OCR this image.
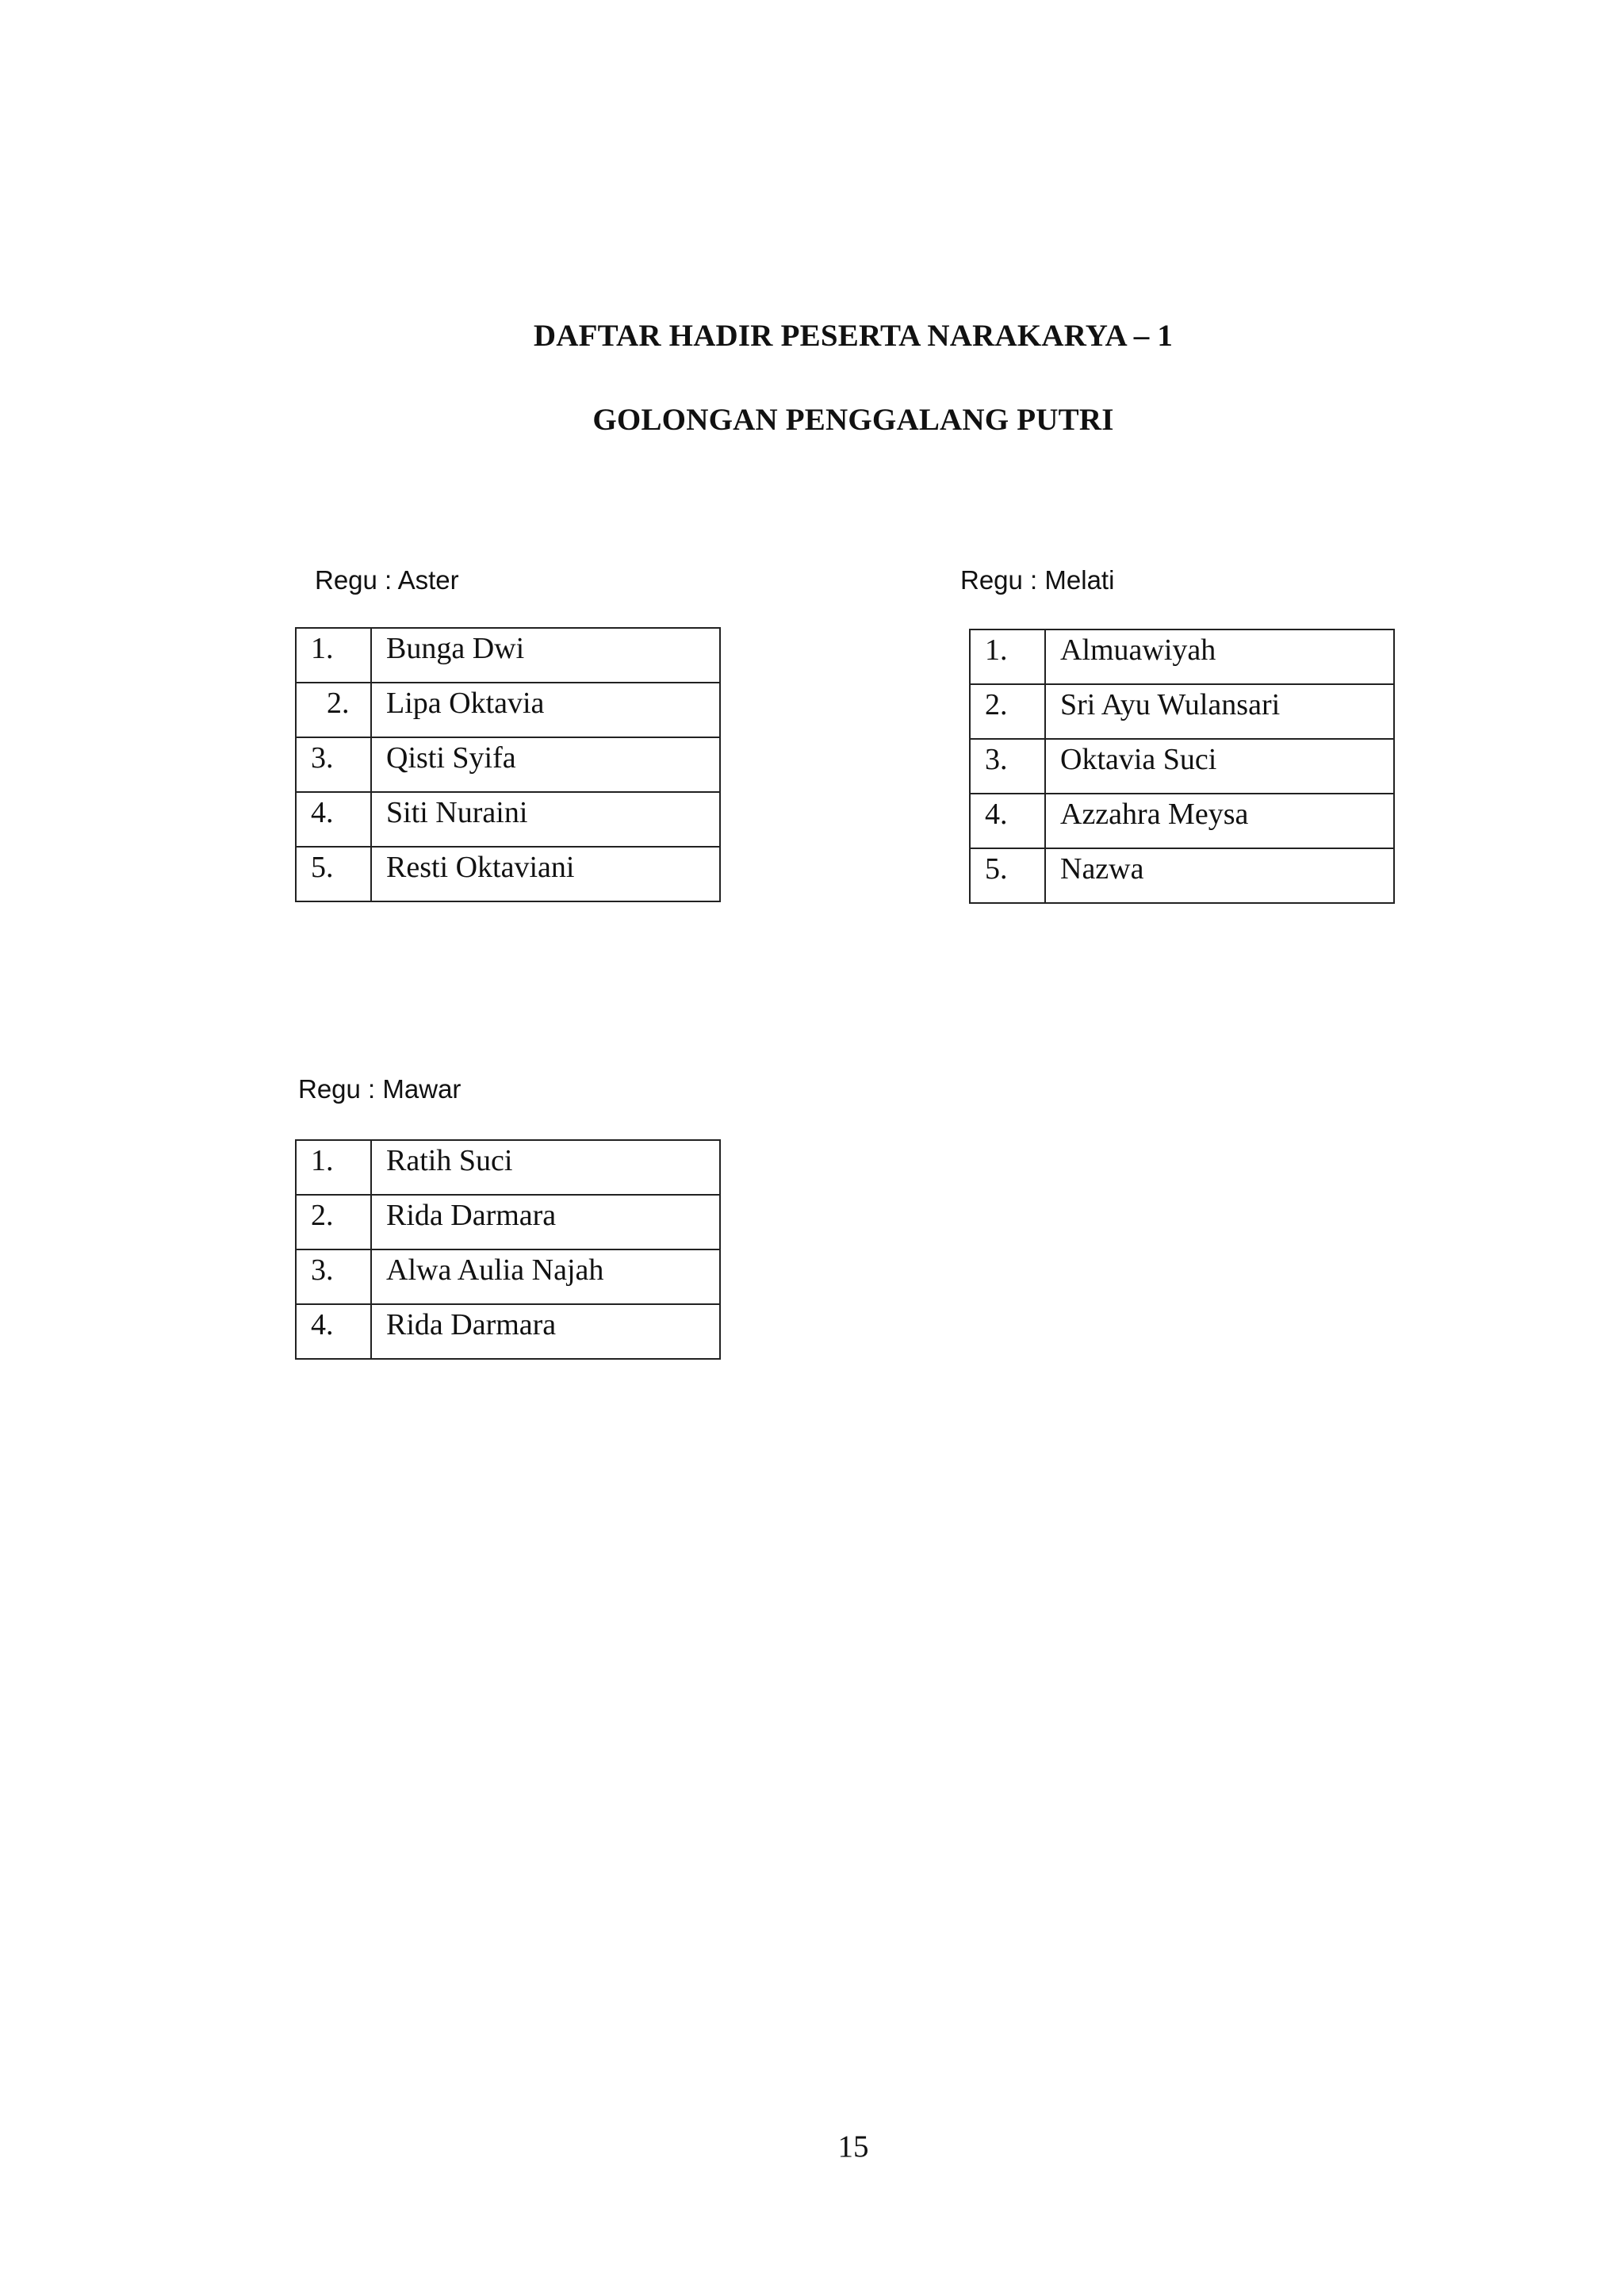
DAFTAR HADIR PESERTA NARAKARYA – 1
GOLONGAN PENGGALANG PUTRI
Regu : Aster
1.	Bunga Dwi
2.	Lipa Oktavia
3.	Qisti Syifa
4.	Siti Nuraini
5.	Resti Oktaviani
Regu : Melati
1.	Almuawiyah
2.	Sri Ayu Wulansari
3.	Oktavia Suci
4.	Azzahra Meysa
5.	Nazwa
Regu : Mawar
1.	Ratih Suci
2.	Rida Darmara
3.	Alwa Aulia Najah
4.	Rida Darmara
15
